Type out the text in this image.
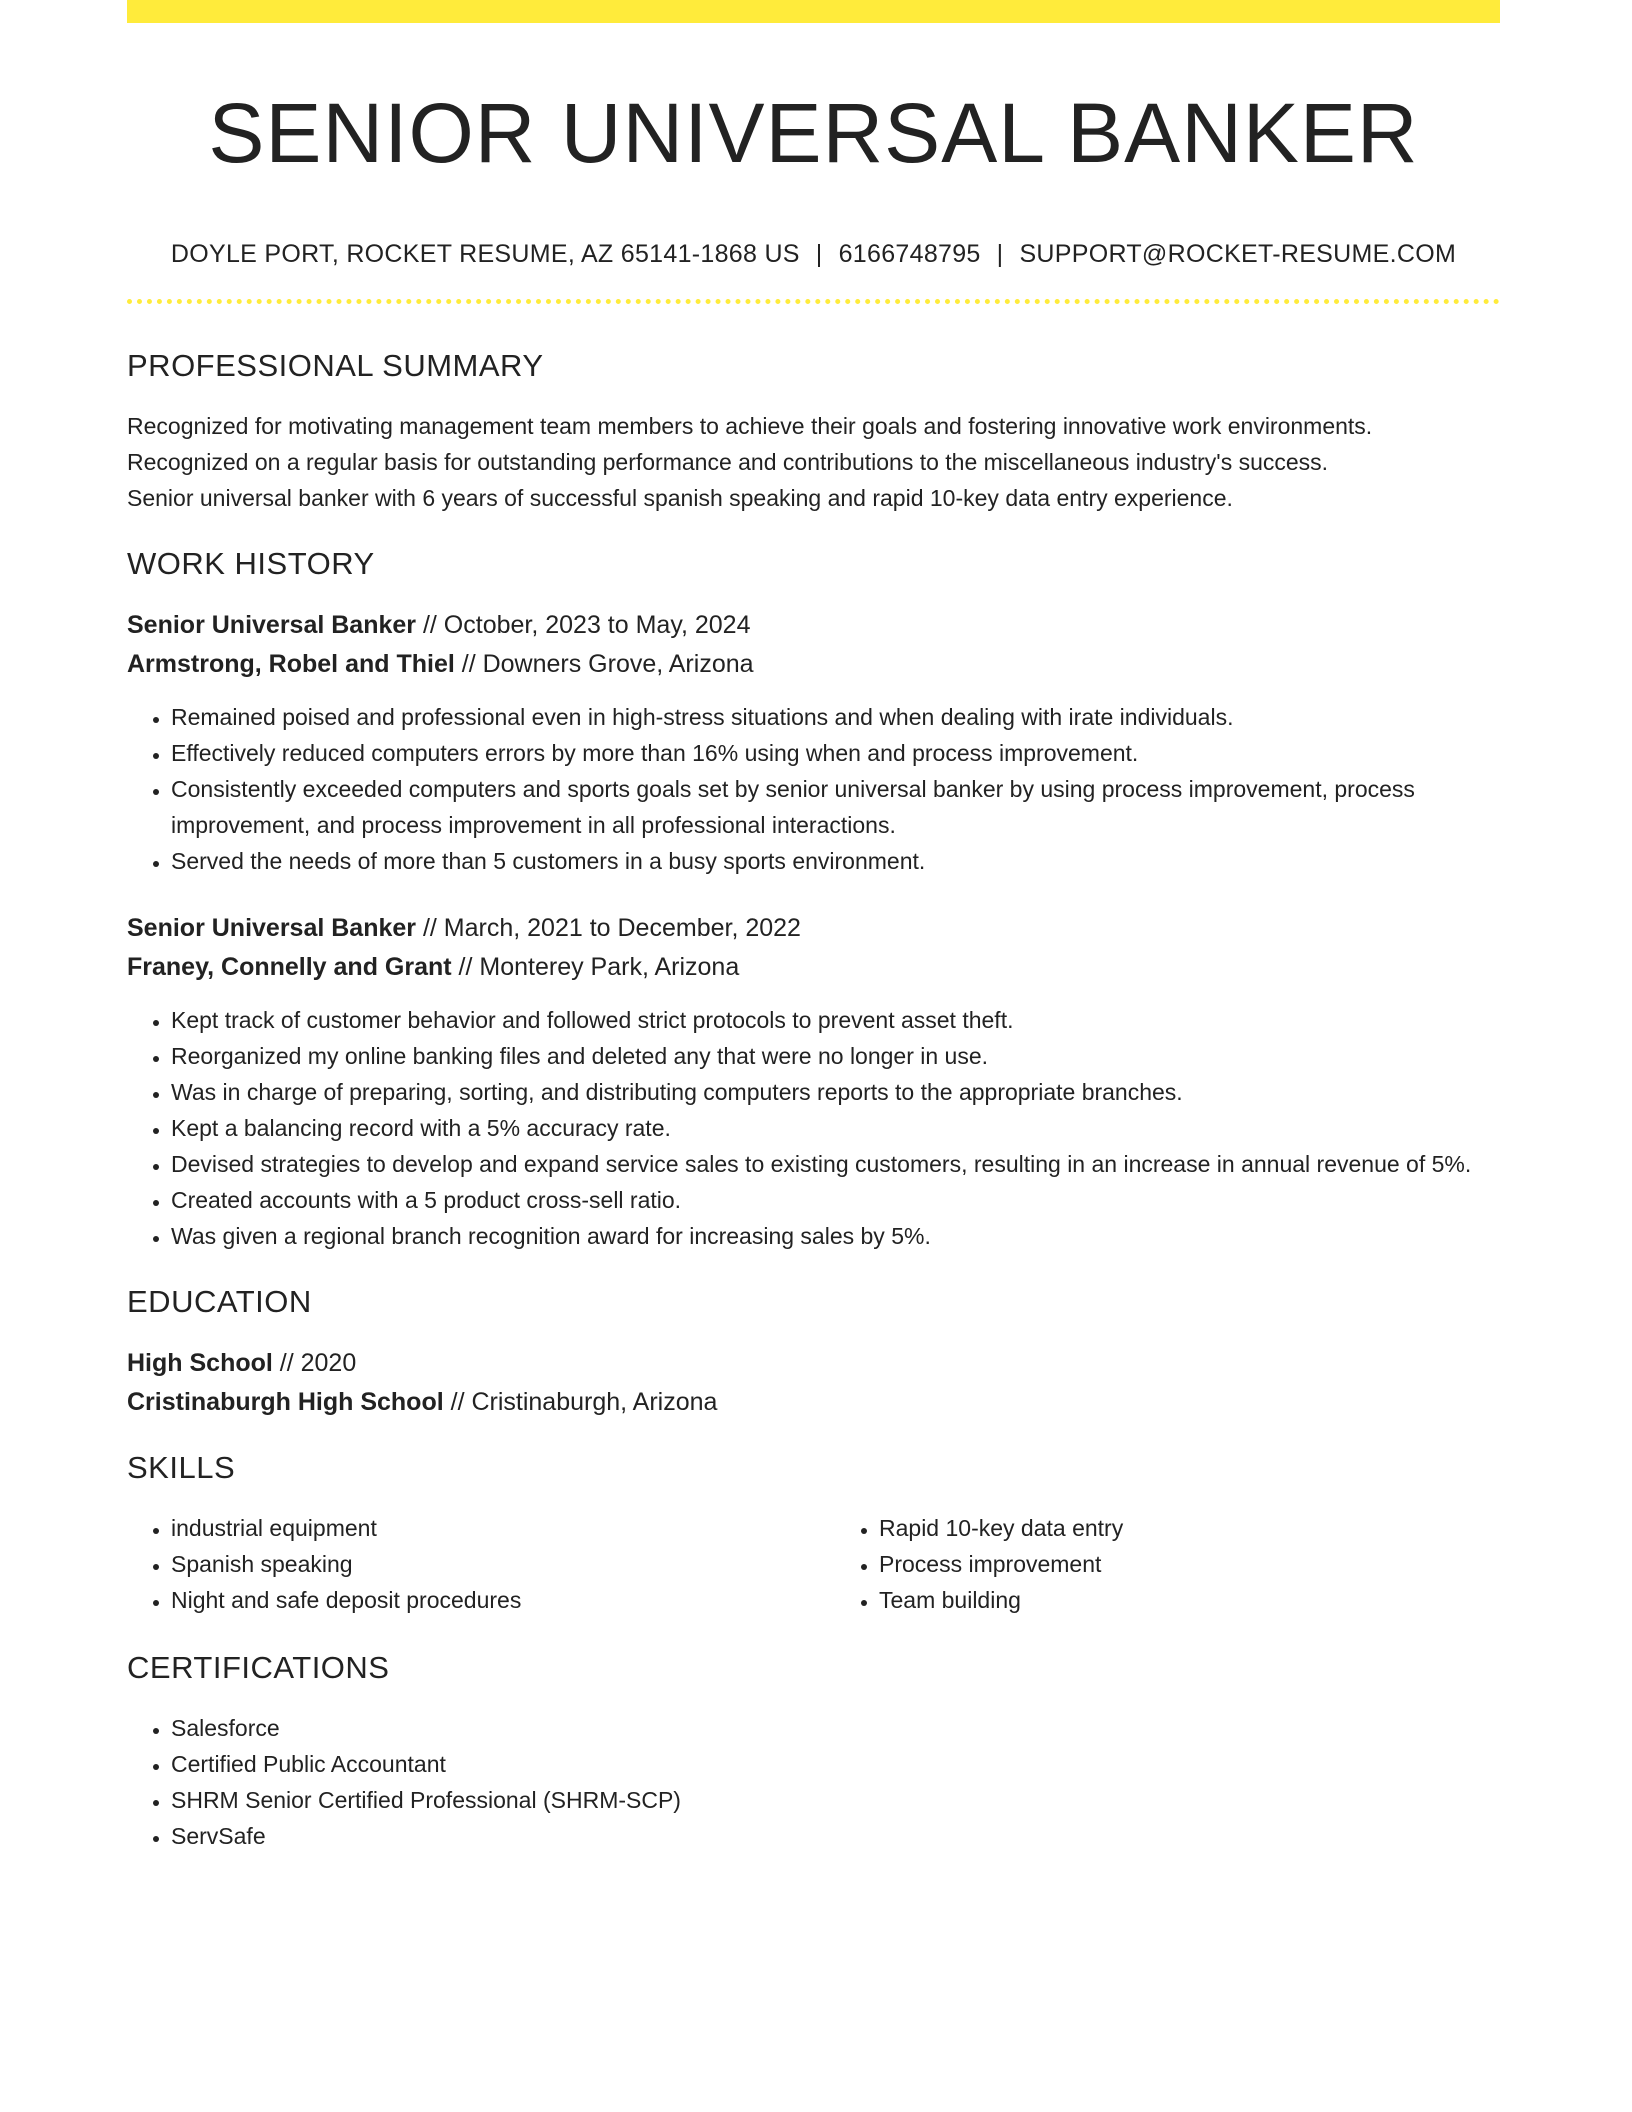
SENIOR UNIVERSAL BANKER
DOYLE PORT, ROCKET RESUME, AZ 65141-1868 US | 6166748795 | SUPPORT@ROCKET-RESUME.COM
PROFESSIONAL SUMMARY
Recognized for motivating management team members to achieve their goals and fostering innovative work environments.
Recognized on a regular basis for outstanding performance and contributions to the miscellaneous industry's success.
Senior universal banker with 6 years of successful spanish speaking and rapid 10-key data entry experience.
WORK HISTORY
Senior Universal Banker // October, 2023 to May, 2024
Armstrong, Robel and Thiel // Downers Grove, Arizona
• Remained poised and professional even in high-stress situations and when dealing with irate individuals.
• Effectively reduced computers errors by more than 16% using when and process improvement.
• Consistently exceeded computers and sports goals set by senior universal banker by using process improvement, process improvement, and process improvement in all professional interactions.
• Served the needs of more than 5 customers in a busy sports environment.
Senior Universal Banker // March, 2021 to December, 2022
Franey, Connelly and Grant // Monterey Park, Arizona
• Kept track of customer behavior and followed strict protocols to prevent asset theft.
• Reorganized my online banking files and deleted any that were no longer in use.
• Was in charge of preparing, sorting, and distributing computers reports to the appropriate branches.
• Kept a balancing record with a 5% accuracy rate.
• Devised strategies to develop and expand service sales to existing customers, resulting in an increase in annual revenue of 5%.
• Created accounts with a 5 product cross-sell ratio.
• Was given a regional branch recognition award for increasing sales by 5%.
EDUCATION
High School // 2020
Cristinaburgh High School // Cristinaburgh, Arizona
SKILLS
• industrial equipment
• Spanish speaking
• Night and safe deposit procedures
• Rapid 10-key data entry
• Process improvement
• Team building
CERTIFICATIONS
• Salesforce
• Certified Public Accountant
• SHRM Senior Certified Professional (SHRM-SCP)
• ServSafe
